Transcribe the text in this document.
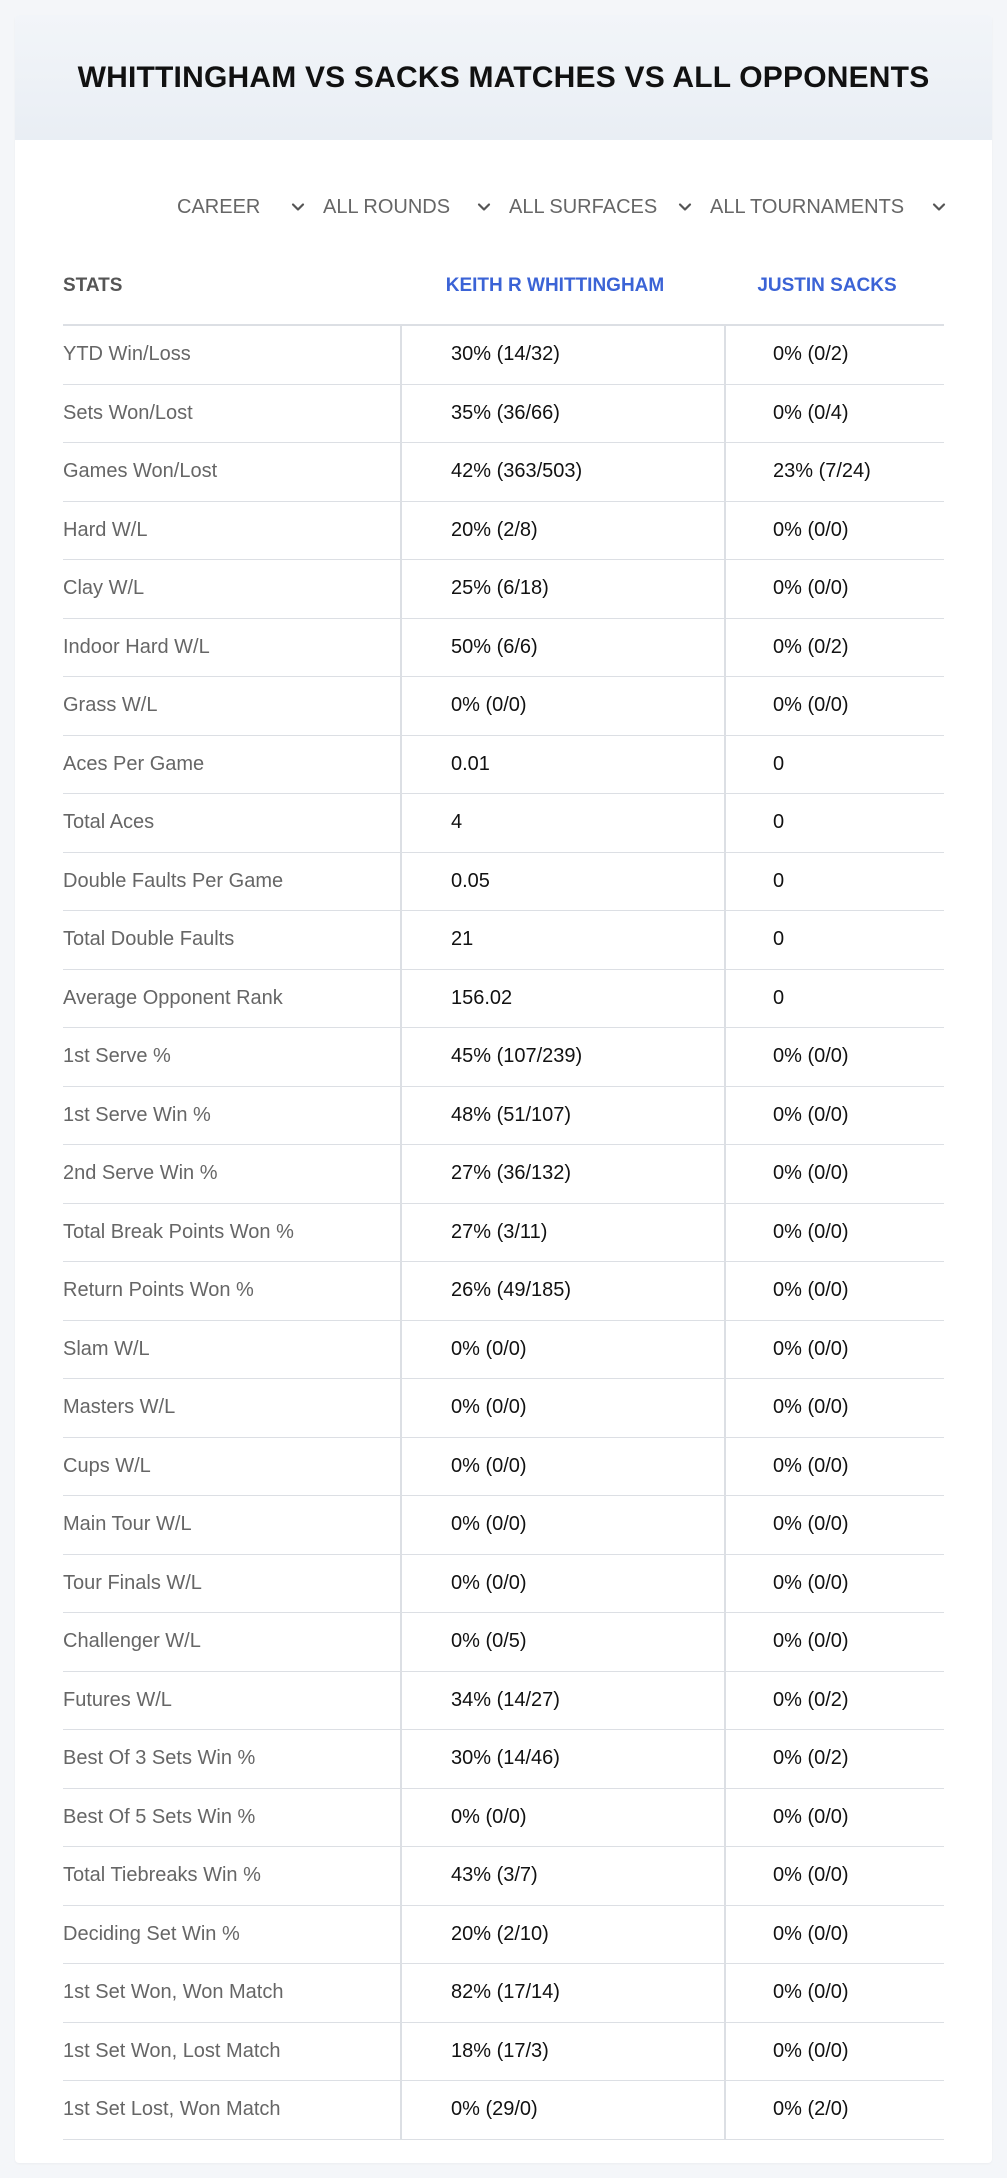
WHITTINGHAM VS SACKS MATCHES VS ALL OPPONENTS
CAREER	ALL ROUNDS	ALL SURFACES	ALL TOURNAMENTS
STATS	KEITH R WHITTINGHAM	JUSTIN SACKS
YTD Win/Loss	30% (14/32)	0% (0/2)
Sets Won/Lost	35% (36/66)	0% (0/4)
Games Won/Lost	42% (363/503)	23% (7/24)
Hard W/L	20% (2/8)	0% (0/0)
Clay W/L	25% (6/18)	0% (0/0)
Indoor Hard W/L	50% (6/6)	0% (0/2)
Grass W/L	0% (0/0)	0% (0/0)
Aces Per Game	0.01	0
Total Aces	4	0
Double Faults Per Game	0.05	0
Total Double Faults	21	0
Average Opponent Rank	156.02	0
1st Serve %	45% (107/239)	0% (0/0)
1st Serve Win %	48% (51/107)	0% (0/0)
2nd Serve Win %	27% (36/132)	0% (0/0)
Total Break Points Won %	27% (3/11)	0% (0/0)
Return Points Won %	26% (49/185)	0% (0/0)
Slam W/L	0% (0/0)	0% (0/0)
Masters W/L	0% (0/0)	0% (0/0)
Cups W/L	0% (0/0)	0% (0/0)
Main Tour W/L	0% (0/0)	0% (0/0)
Tour Finals W/L	0% (0/0)	0% (0/0)
Challenger W/L	0% (0/5)	0% (0/0)
Futures W/L	34% (14/27)	0% (0/2)
Best Of 3 Sets Win %	30% (14/46)	0% (0/2)
Best Of 5 Sets Win %	0% (0/0)	0% (0/0)
Total Tiebreaks Win %	43% (3/7)	0% (0/0)
Deciding Set Win %	20% (2/10)	0% (0/0)
1st Set Won, Won Match	82% (17/14)	0% (0/0)
1st Set Won, Lost Match	18% (17/3)	0% (0/0)
1st Set Lost, Won Match	0% (29/0)	0% (2/0)
